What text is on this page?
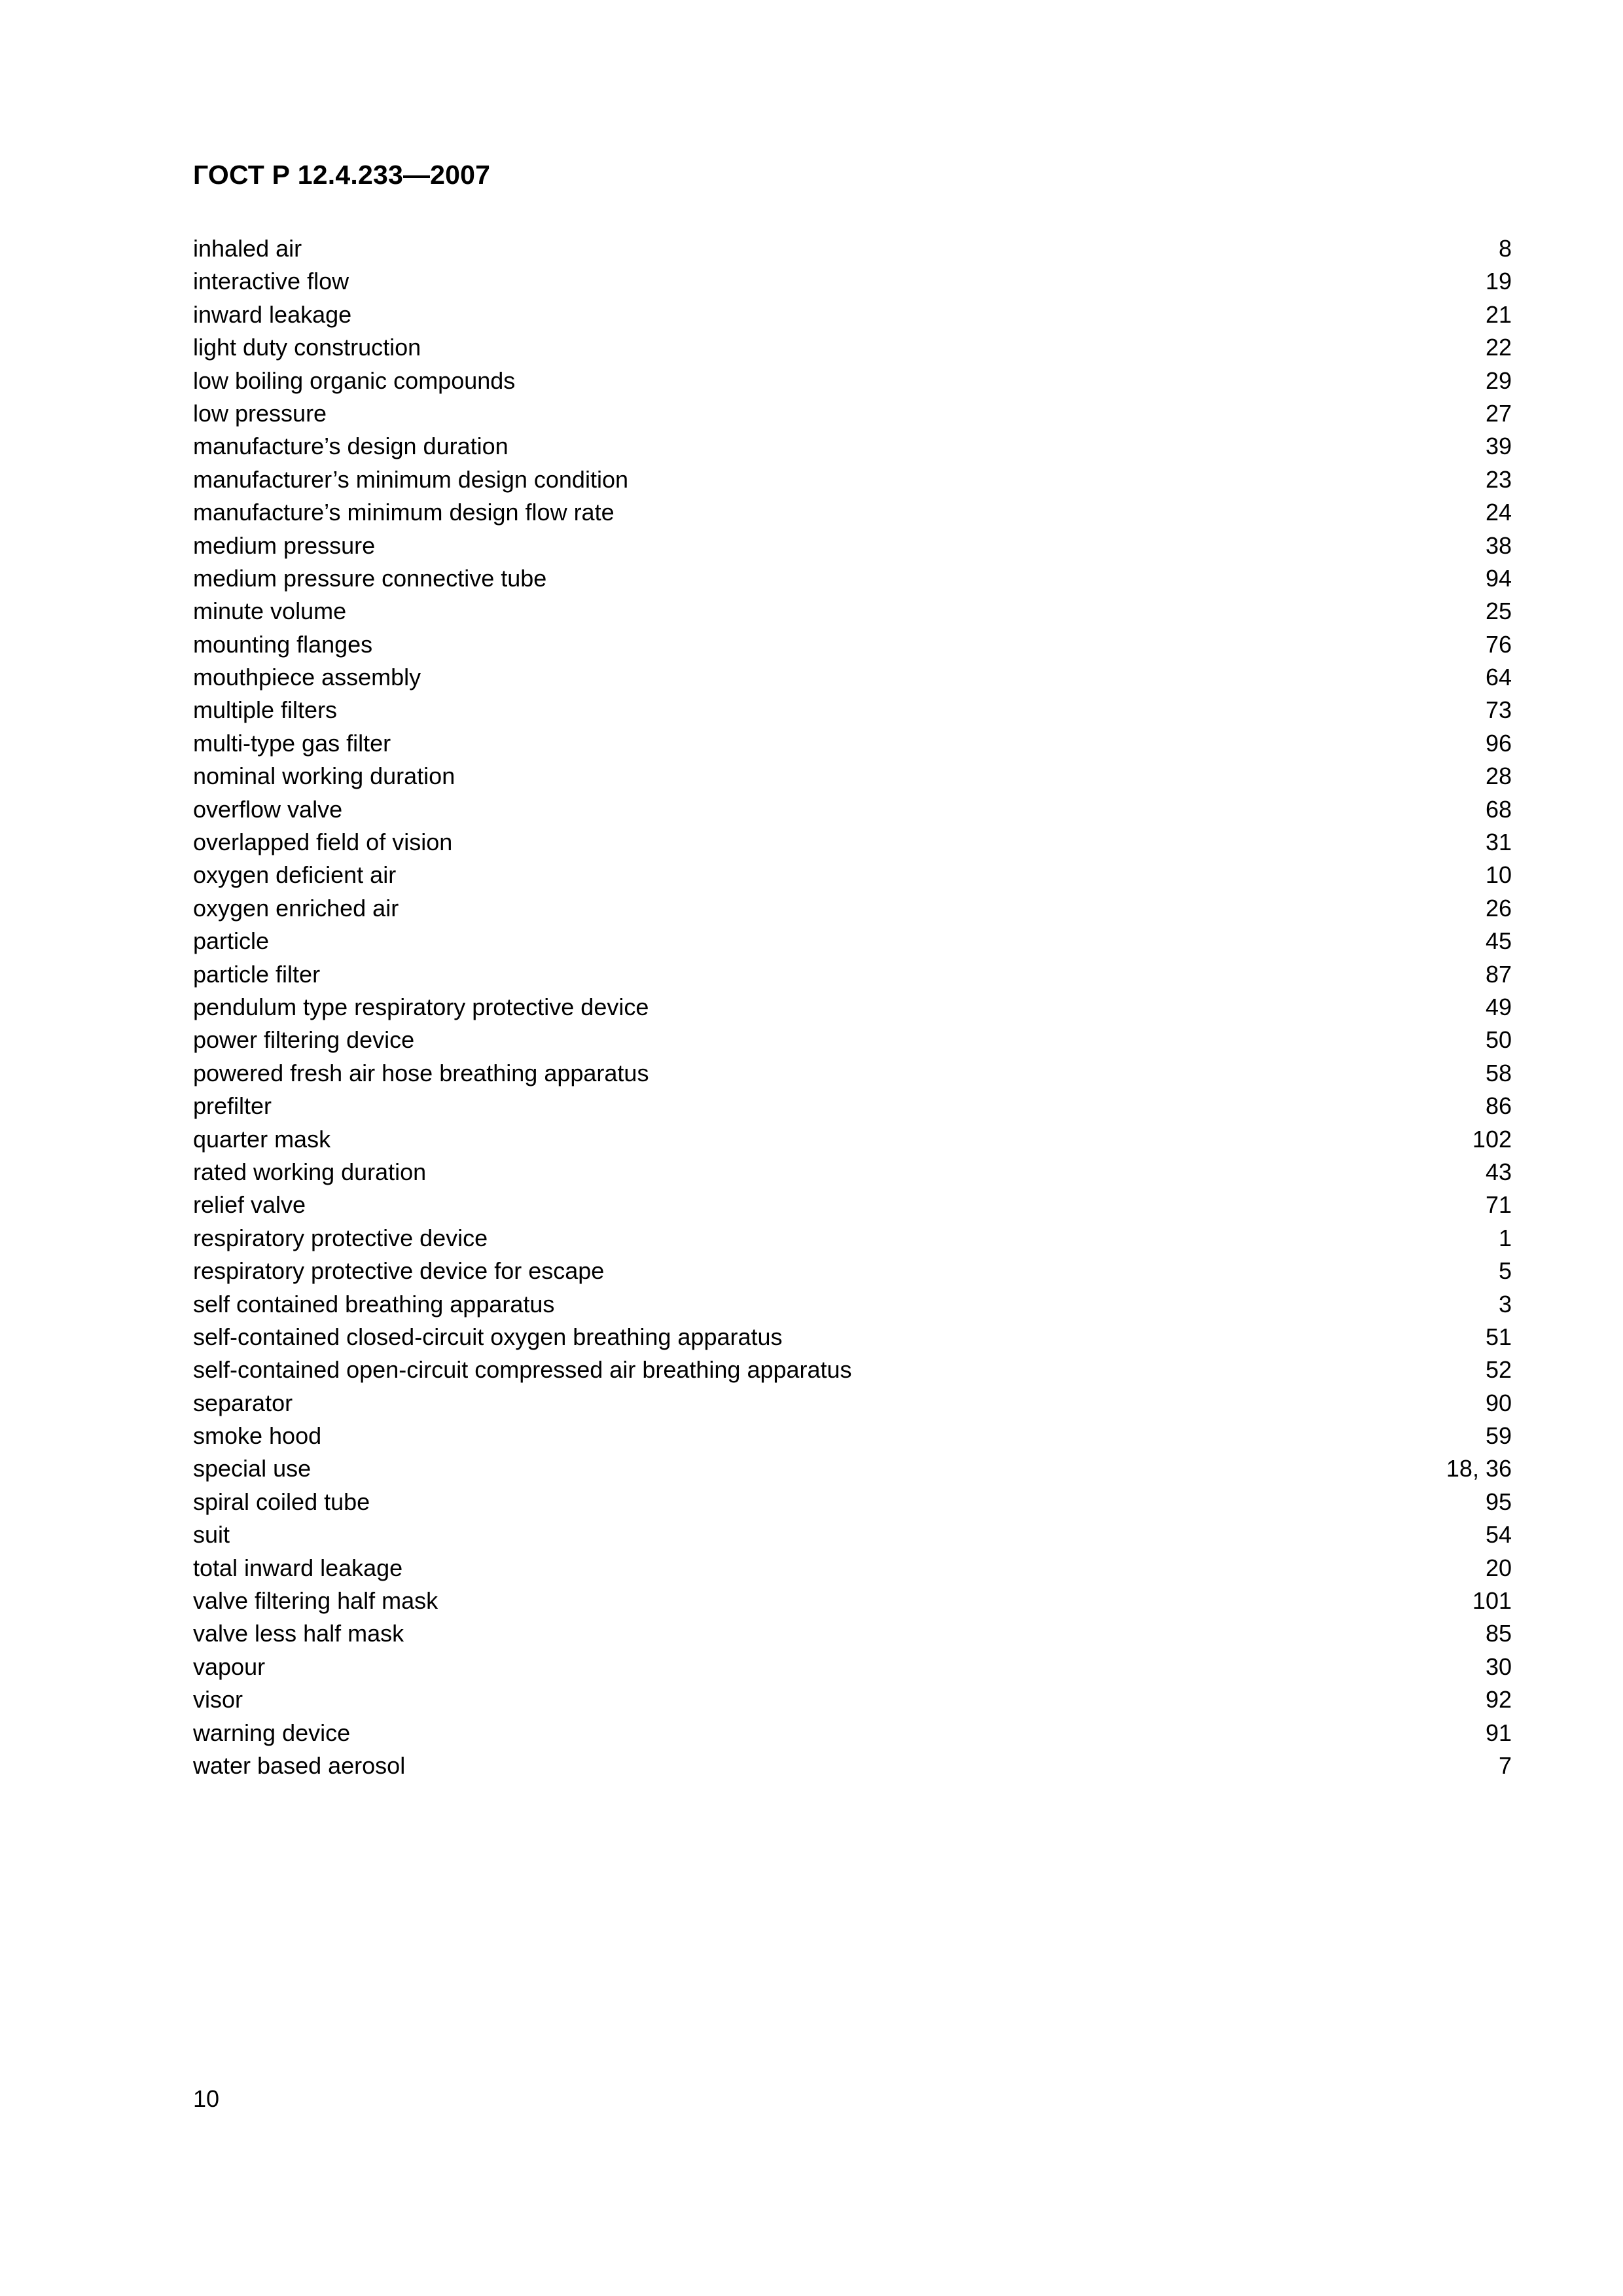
ГОСТ Р 12.4.233—2007
inhaled air	8
interactive flow	19
inward leakage	21
light duty construction	22
low boiling organic compounds	29
low pressure	27
manufacture’s design duration	39
manufacturer’s minimum design condition	23
manufacture’s minimum design flow rate	24
medium pressure	38
medium pressure connective tube	94
minute volume	25
mounting flanges	76
mouthpiece assembly	64
multiple filters	73
multi-type gas filter	96
nominal working duration	28
overflow valve	68
overlapped field of vision	31
oxygen deficient air	10
oxygen enriched air	26
particle	45
particle filter	87
pendulum type respiratory protective device	49
power filtering device	50
powered fresh air hose breathing apparatus	58
prefilter	86
quarter mask	102
rated working duration	43
relief valve	71
respiratory protective device	1
respiratory protective device for escape	5
self contained breathing apparatus	3
self-contained closed-circuit oxygen breathing apparatus	51
self-contained open-circuit compressed air breathing apparatus	52
separator	90
smoke hood	59
special use	18, 36
spiral coiled tube	95
suit	54
total inward leakage	20
valve filtering half mask	101
valve less half mask	85
vapour	30
visor	92
warning device	91
water based aerosol	7
10
